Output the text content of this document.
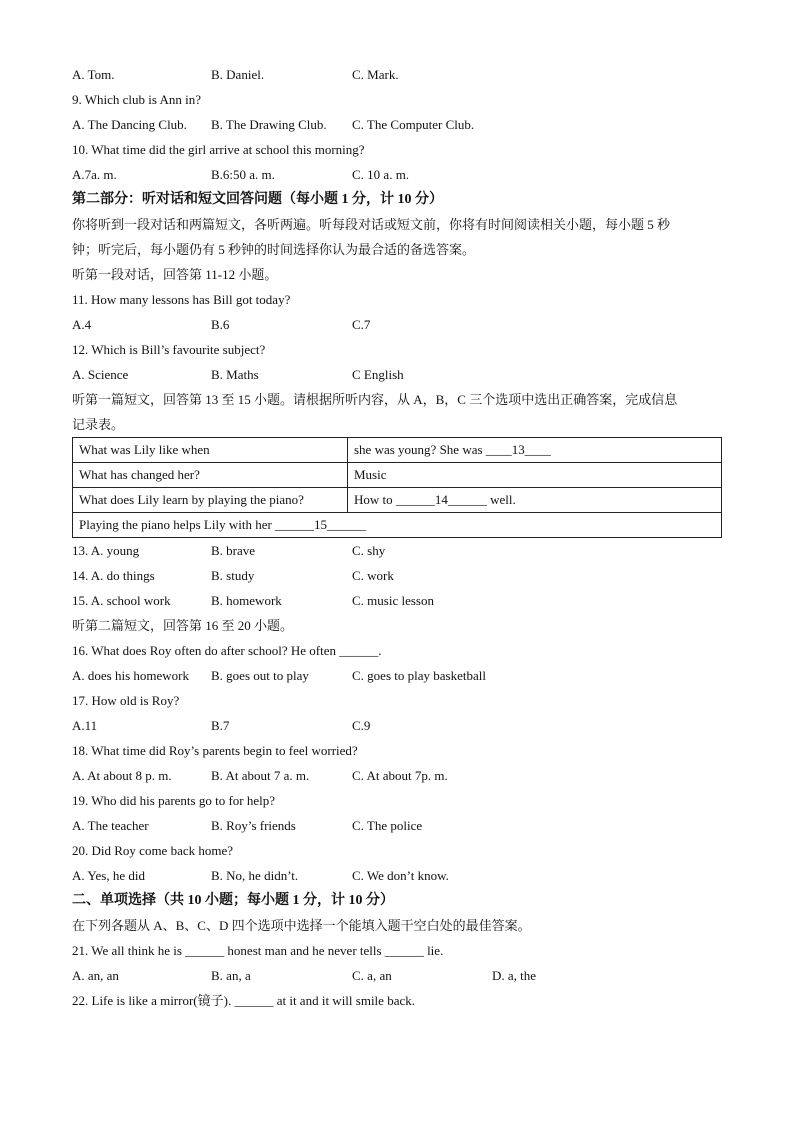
A. Tom.	B. Daniel.	C. Mark.
9. Which club is Ann in?
A. The Dancing Club. B. The Drawing Club. C. The Computer Club.
10. What time did the girl arrive at school this morning?
A.7a. m.	B.6:50 a. m.	C. 10 a. m.
第二部分：听对话和短文回答问题（每小题 1 分，计 10 分）
你将听到一段对话和两篇短文，各听两遍。听每段对话或短文前，你将有时间阅读相关小题，每小题 5 秒
钟；听完后，每小题仍有 5 秒钟的时间选择你认为最合适的备选答案。
听第一段对话，回答第 11-12 小题。
11. How many lessons has Bill got today?
A.4	B.6	C.7
12. Which is Bill’s favourite subject?
A. Science	B. Maths	C English
听第一篇短文，回答第 13 至 15 小题。请根据所听内容，从 A，B，C 三个选项中选出正确答案，完成信息
记录表。
What was Lily like when	she was young? She was ____13____
What has changed her?	Music
What does Lily learn by playing the piano?	How to ______14______ well.
Playing the piano helps Lily with her ______15______	
13. A. young	B. brave	C. shy
14. A. do things	B. study	C. work
15. A. school work	B. homework	C. music lesson
听第二篇短文，回答第 16 至 20 小题。
16. What does Roy often do after school? He often ______.
A. does his homework B. goes out to play	C. goes to play basketball
17. How old is Roy?
A.11	B.7	C.9
18. What time did Roy’s parents begin to feel worried?
A. At about 8 p. m.	B. At about 7 a. m.	C. At about 7p. m.
19. Who did his parents go to for help?
A. The teacher	B. Roy’s friends	C. The police
20. Did Roy come back home?
A. Yes, he did	B. No, he didn’t.	C. We don’t know.
二、单项选择（共 10 小题；每小题 1 分，计 10 分）
在下列各题从 A、B、C、D 四个选项中选择一个能填入题干空白处的最佳答案。
21. We all think he is ______ honest man and he never tells ______ lie.
A. an, an	B. an, a	C. a, an	D. a, the
22. Life is like a mirror(镜子). ______ at it and it will smile back.
